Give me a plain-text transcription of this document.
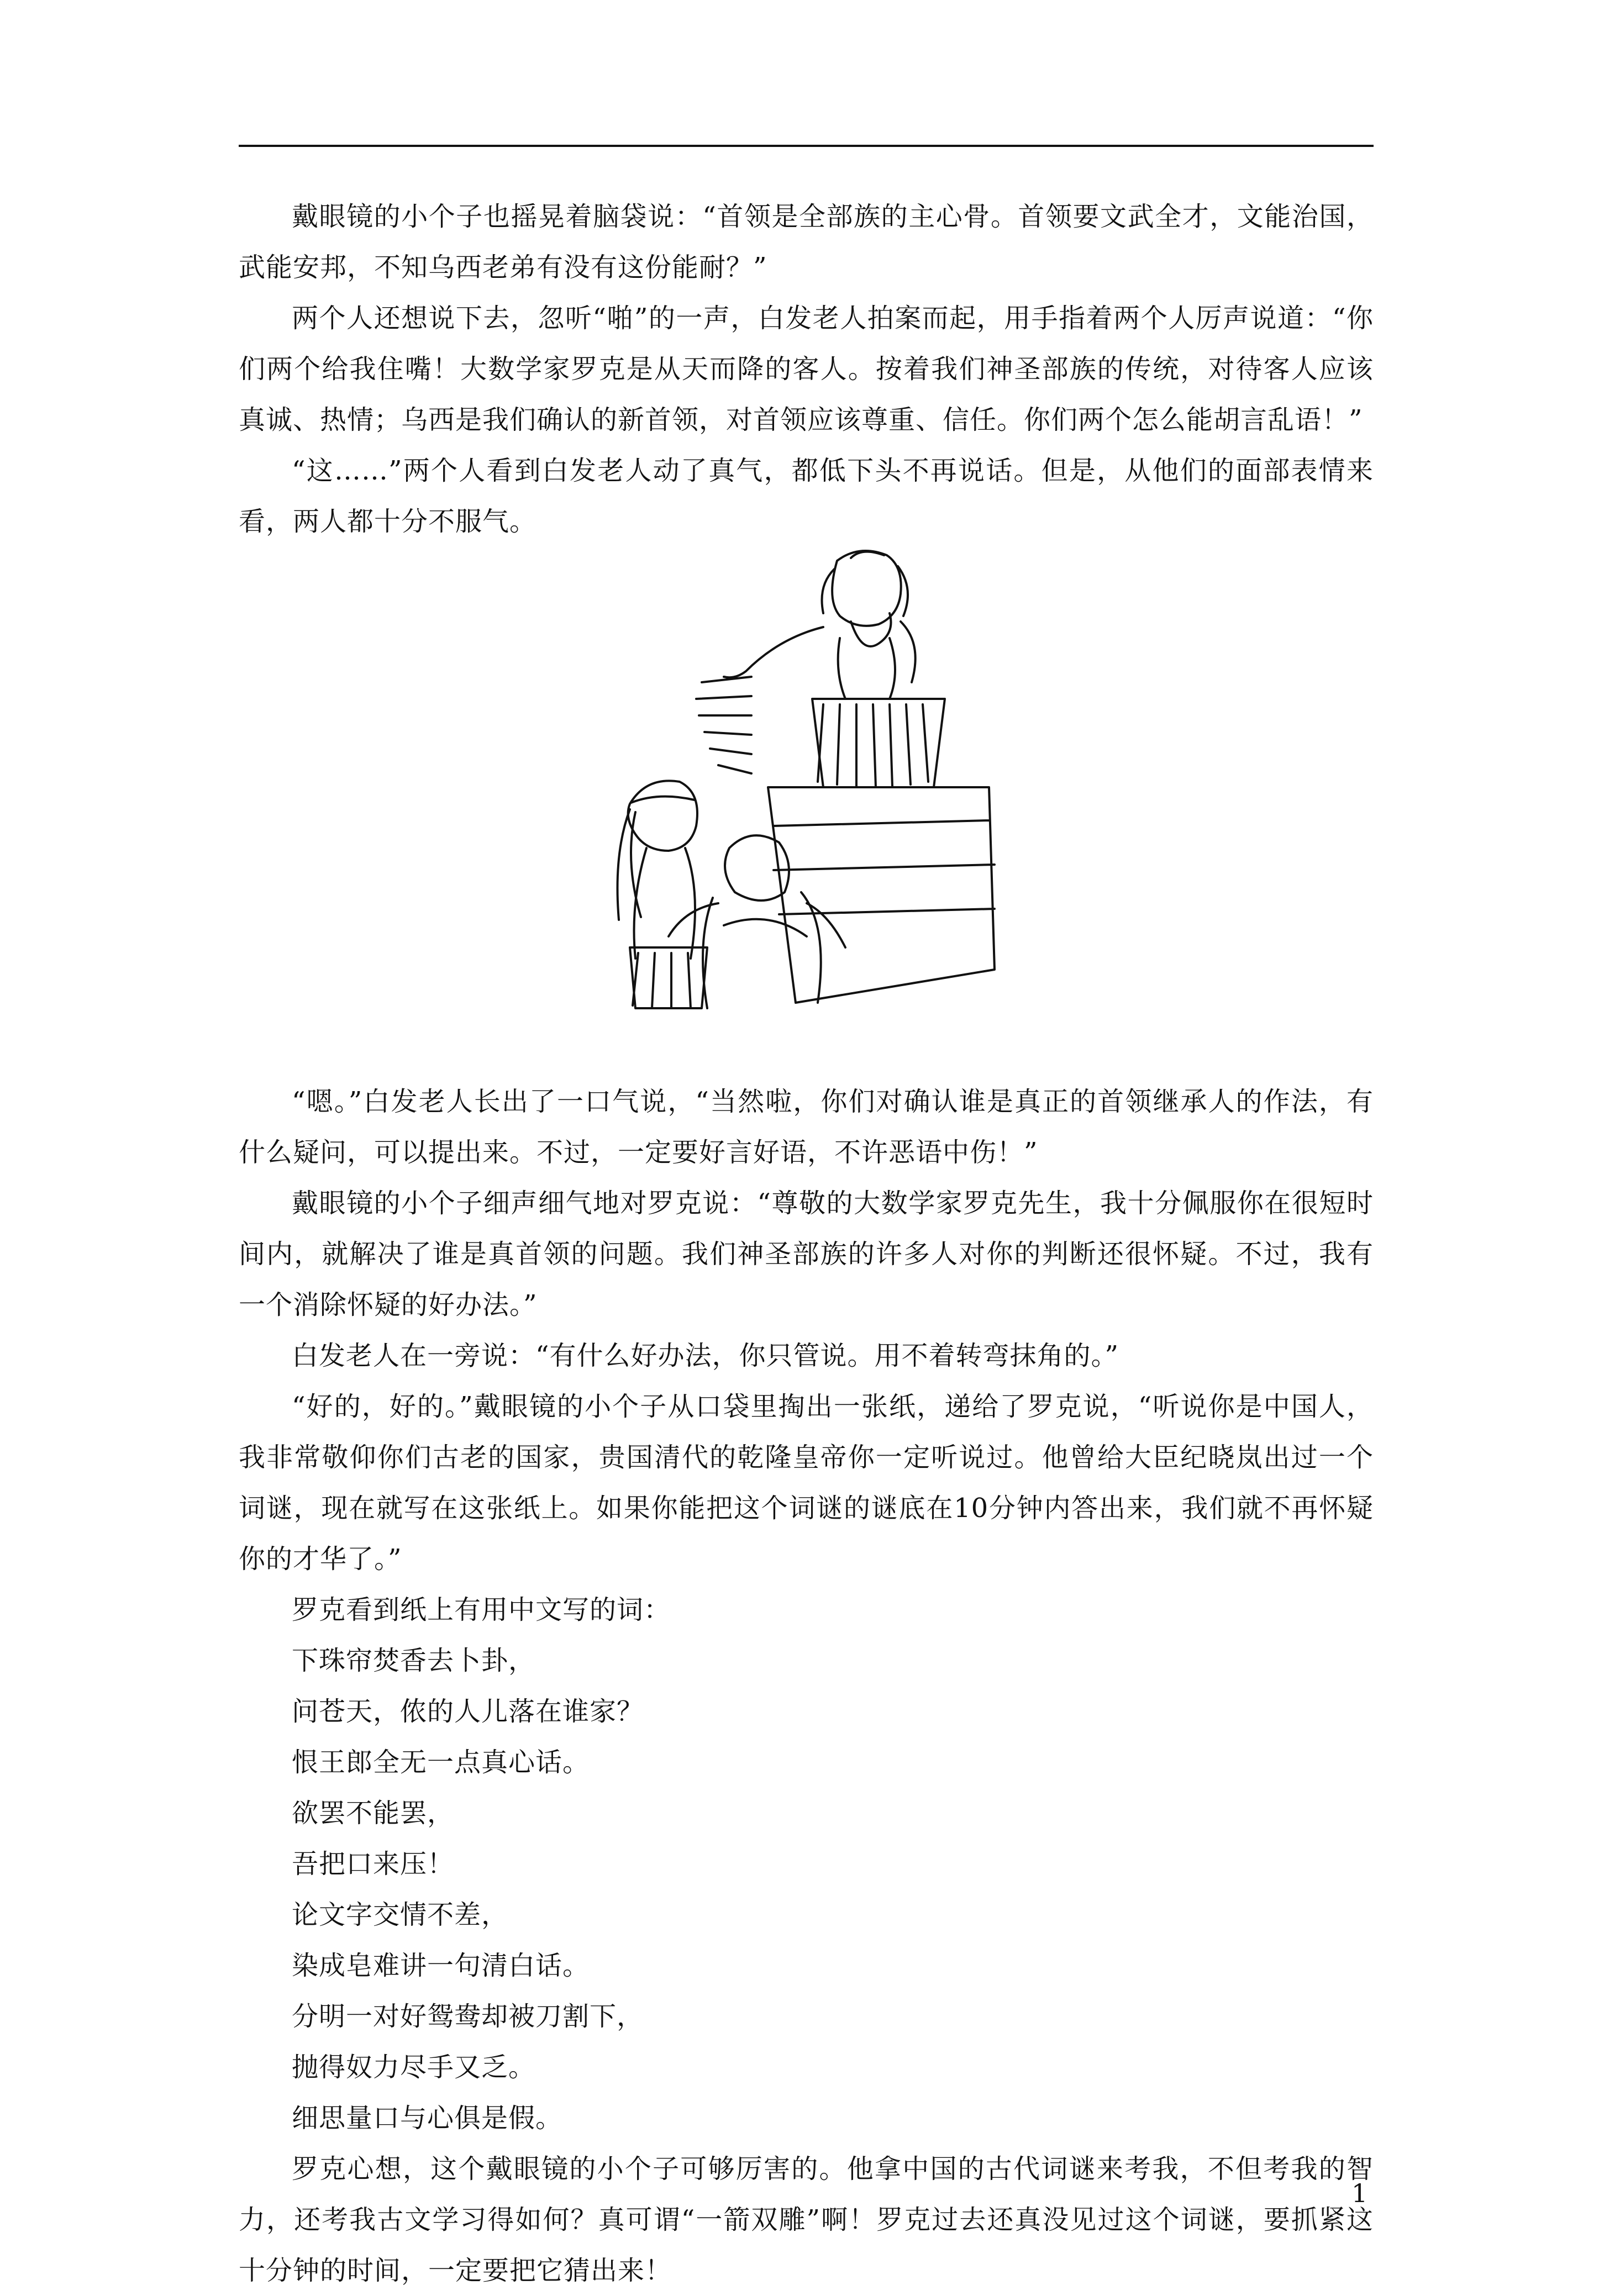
戴眼镜的小个子也摇晃着脑袋说：“首领是全部族的主心骨。首领要文武全才，文能治国，武能安邦，不知乌西老弟有没有这份能耐？”

两个人还想说下去，忽听“啪”的一声，白发老人拍案而起，用手指着两个人厉声说道：“你们两个给我住嘴！大数学家罗克是从天而降的客人。按着我们神圣部族的传统，对待客人应该真诚、热情；乌西是我们确认的新首领，对首领应该尊重、信任。你们两个怎么能胡言乱语！”

“这……”两个人看到白发老人动了真气，都低下头不再说话。但是，从他们的面部表情来看，两人都十分不服气。

“嗯。”白发老人长出了一口气说，“当然啦，你们对确认谁是真正的首领继承人的作法，有什么疑问，可以提出来。不过，一定要好言好语，不许恶语中伤！”

戴眼镜的小个子细声细气地对罗克说：“尊敬的大数学家罗克先生，我十分佩服你在很短时间内，就解决了谁是真首领的问题。我们神圣部族的许多人对你的判断还很怀疑。不过，我有一个消除怀疑的好办法。”

白发老人在一旁说：“有什么好办法，你只管说。用不着转弯抹角的。”

“好的，好的。”戴眼镜的小个子从口袋里掏出一张纸，递给了罗克说，“听说你是中国人，我非常敬仰你们古老的国家，贵国清代的乾隆皇帝你一定听说过。他曾给大臣纪晓岚出过一个词谜，现在就写在这张纸上。如果你能把这个词谜的谜底在10分钟内答出来，我们就不再怀疑你的才华了。”

罗克看到纸上有用中文写的词：

下珠帘焚香去卜卦，

问苍天，侬的人儿落在谁家？

恨王郎全无一点真心话。

欲罢不能罢，

吾把口来压！

论文字交情不差，

染成皂难讲一句清白话。

分明一对好鸳鸯却被刀割下，

抛得奴力尽手又乏。

细思量口与心俱是假。

罗克心想，这个戴眼镜的小个子可够厉害的。他拿中国的古代词谜来考我，不但考我的智力，还考我古文学习得如何？真可谓“一箭双雕”啊！罗克过去还真没见过这个词谜，要抓紧这十分钟的时间，一定要把它猜出来！

1
